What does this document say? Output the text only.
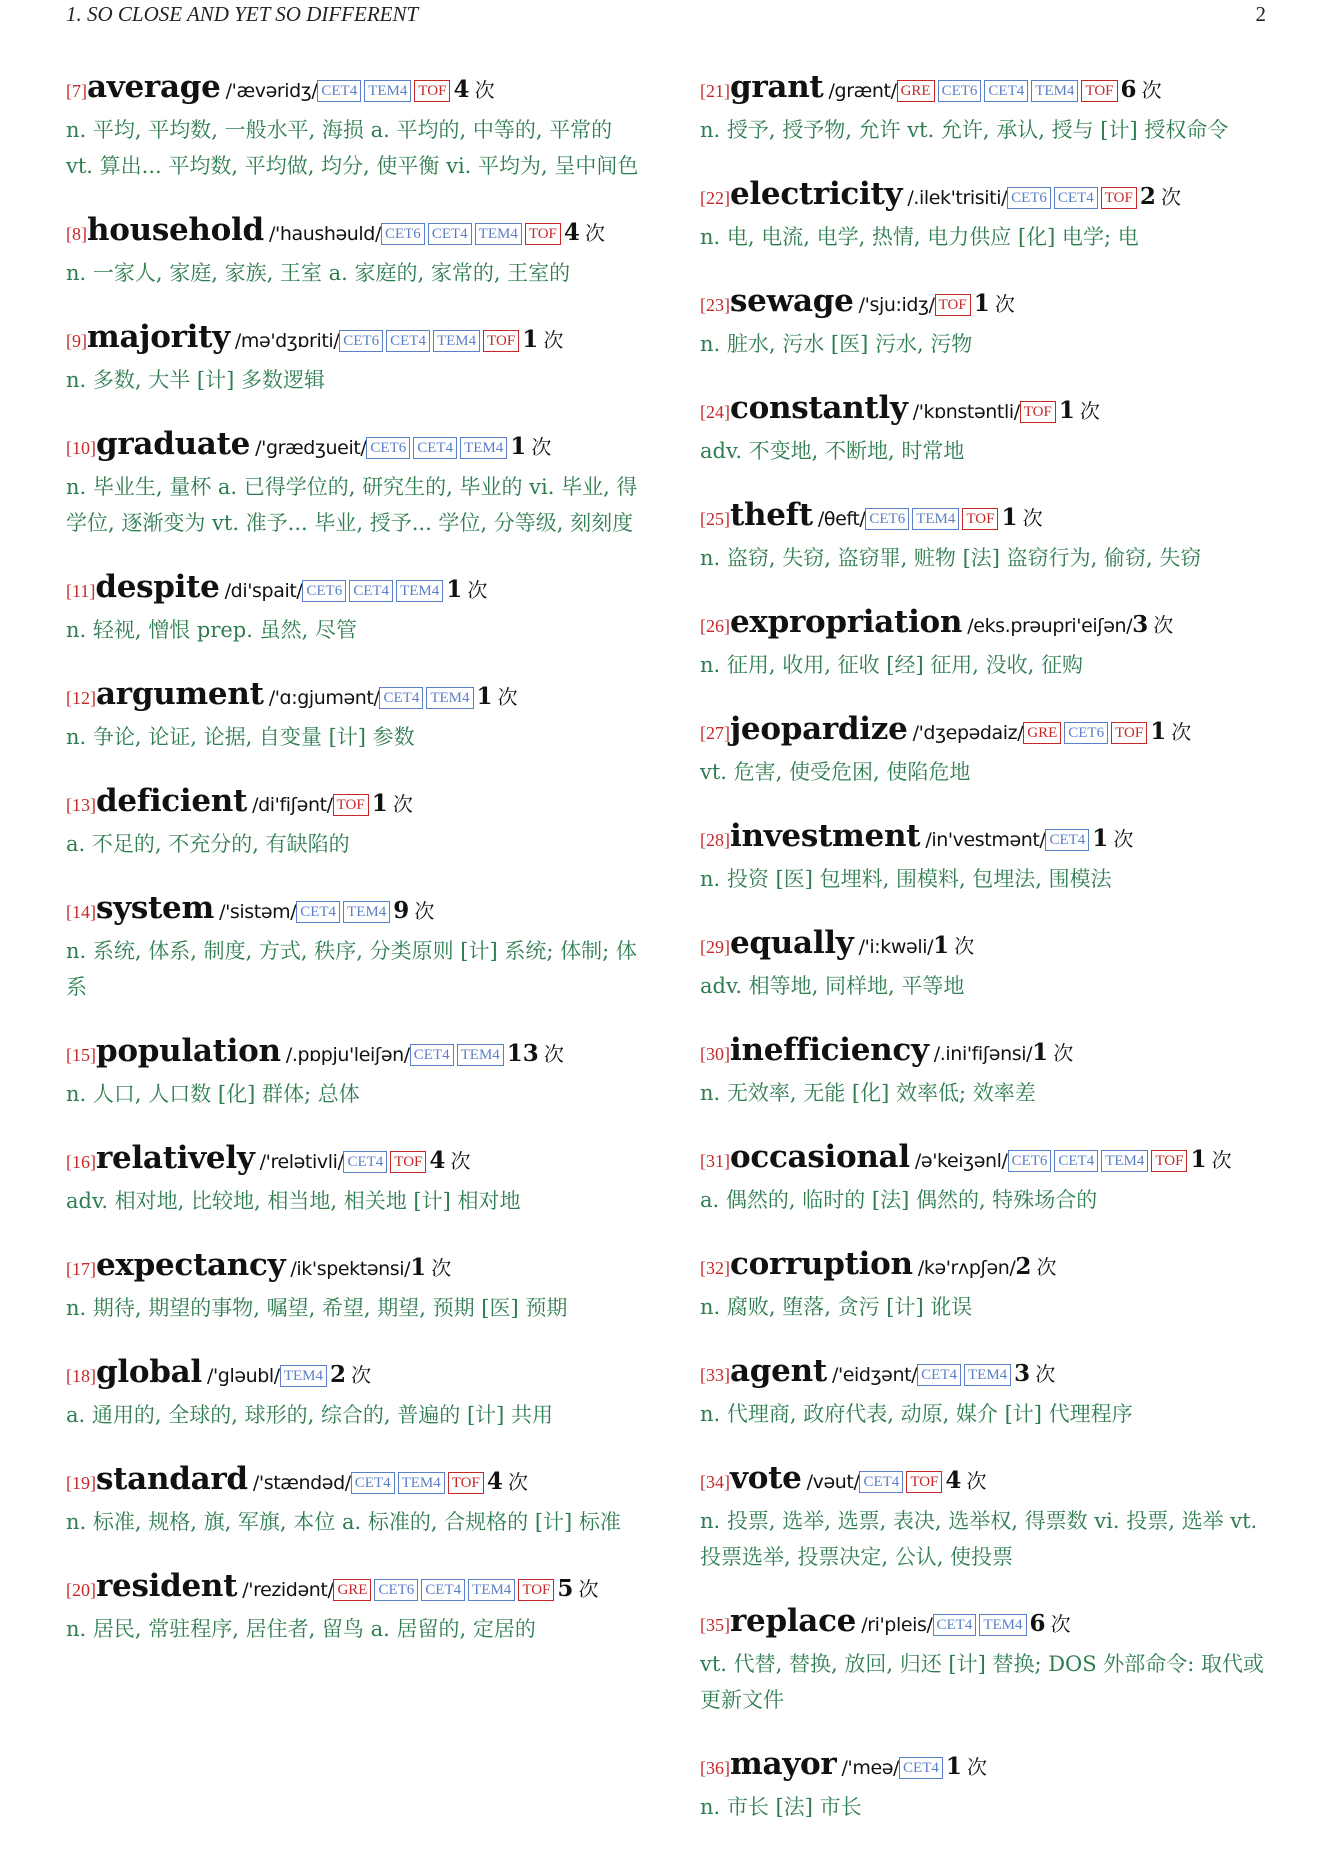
1. SO CLOSE AND YET SO DIFFERENT	2
[7]average /'ævəridʒ/ CET4 TEM4 TOF 4 次
n. 平均, 平均数, 一般水平, 海损 a. 平均的, 中等的, 平常的 vt. 算出... 平均数, 平均做, 均分, 使平衡 vi. 平均为, 呈中间色
[8]household /'haushəuld/ CET6 CET4 TEM4 TOF 4 次
n. 一家人, 家庭, 家族, 王室 a. 家庭的, 家常的, 王室的
[9]majority /mə'dʒɒriti/ CET6 CET4 TEM4 TOF 1 次
n. 多数, 大半 [计] 多数逻辑
[10]graduate /'grædʒueit/ CET6 CET4 TEM4 1 次
n. 毕业生, 量杯 a. 已得学位的, 研究生的, 毕业的 vi. 毕业, 得学位, 逐渐变为 vt. 准予... 毕业, 授予... 学位, 分等级, 刻刻度
[11]despite /di'spait/ CET6 CET4 TEM4 1 次
n. 轻视, 憎恨 prep. 虽然, 尽管
[12]argument /'ɑ:gjumənt/ CET4 TEM4 1 次
n. 争论, 论证, 论据, 自变量 [计] 参数
[13]deficient /di'fiʃənt/ TOF 1 次
a. 不足的, 不充分的, 有缺陷的
[14]system /'sistəm/ CET4 TEM4 9 次
n. 系统, 体系, 制度, 方式, 秩序, 分类原则 [计] 系统; 体制; 体系
[15]population /.pɒpju'leiʃən/ CET4 TEM4 13 次
n. 人口, 人口数 [化] 群体; 总体
[16]relatively /'relətivli/ CET4 TOF 4 次
adv. 相对地, 比较地, 相当地, 相关地 [计] 相对地
[17]expectancy /ik'spektənsi/1 次
n. 期待, 期望的事物, 嘱望, 希望, 期望, 预期 [医] 预期
[18]global /'gləubl/ TEM4 2 次
a. 通用的, 全球的, 球形的, 综合的, 普遍的 [计] 共用
[19]standard /'stændəd/ CET4 TEM4 TOF 4 次
n. 标准, 规格, 旗, 军旗, 本位 a. 标准的, 合规格的 [计] 标准
[20]resident /'rezidənt/ GRE CET6 CET4 TEM4 TOF 5 次
n. 居民, 常驻程序, 居住者, 留鸟 a. 居留的, 定居的
[21]grant /grænt/ GRE CET6 CET4 TEM4 TOF 6 次
n. 授予, 授予物, 允许 vt. 允许, 承认, 授与 [计] 授权命令
[22]electricity /.ilek'trisiti/ CET6 CET4 TOF 2 次
n. 电, 电流, 电学, 热情, 电力供应 [化] 电学; 电
[23]sewage /'sju:idʒ/ TOF 1 次
n. 脏水, 污水 [医] 污水, 污物
[24]constantly /'kɒnstəntli/ TOF 1 次
adv. 不变地, 不断地, 时常地
[25]theft /θeft/ CET6 TEM4 TOF 1 次
n. 盗窃, 失窃, 盗窃罪, 赃物 [法] 盗窃行为, 偷窃, 失窃
[26]expropriation /eks.prəupri'eiʃən/3 次
n. 征用, 收用, 征收 [经] 征用, 没收, 征购
[27]jeopardize /'dʒepədaiz/ GRE CET6 TOF 1 次
vt. 危害, 使受危困, 使陷危地
[28]investment /in'vestmənt/ CET4 1 次
n. 投资 [医] 包埋料, 围模料, 包埋法, 围模法
[29]equally /'i:kwəli/1 次
adv. 相等地, 同样地, 平等地
[30]inefficiency /.ini'fiʃənsi/1 次
n. 无效率, 无能 [化] 效率低; 效率差
[31]occasional /ə'keiʒənl/ CET6 CET4 TEM4 TOF 1 次
a. 偶然的, 临时的 [法] 偶然的, 特殊场合的
[32]corruption /kə'rʌpʃən/2 次
n. 腐败, 堕落, 贪污 [计] 讹误
[33]agent /'eidʒənt/ CET4 TEM4 3 次
n. 代理商, 政府代表, 动原, 媒介 [计] 代理程序
[34]vote /vəut/ CET4 TOF 4 次
n. 投票, 选举, 选票, 表决, 选举权, 得票数 vi. 投票, 选举 vt. 投票选举, 投票决定, 公认, 使投票
[35]replace /ri'pleis/ CET4 TEM4 6 次
vt. 代替, 替换, 放回, 归还 [计] 替换; DOS 外部命令: 取代或更新文件
[36]mayor /'meə/ CET4 1 次
n. 市长 [法] 市长
